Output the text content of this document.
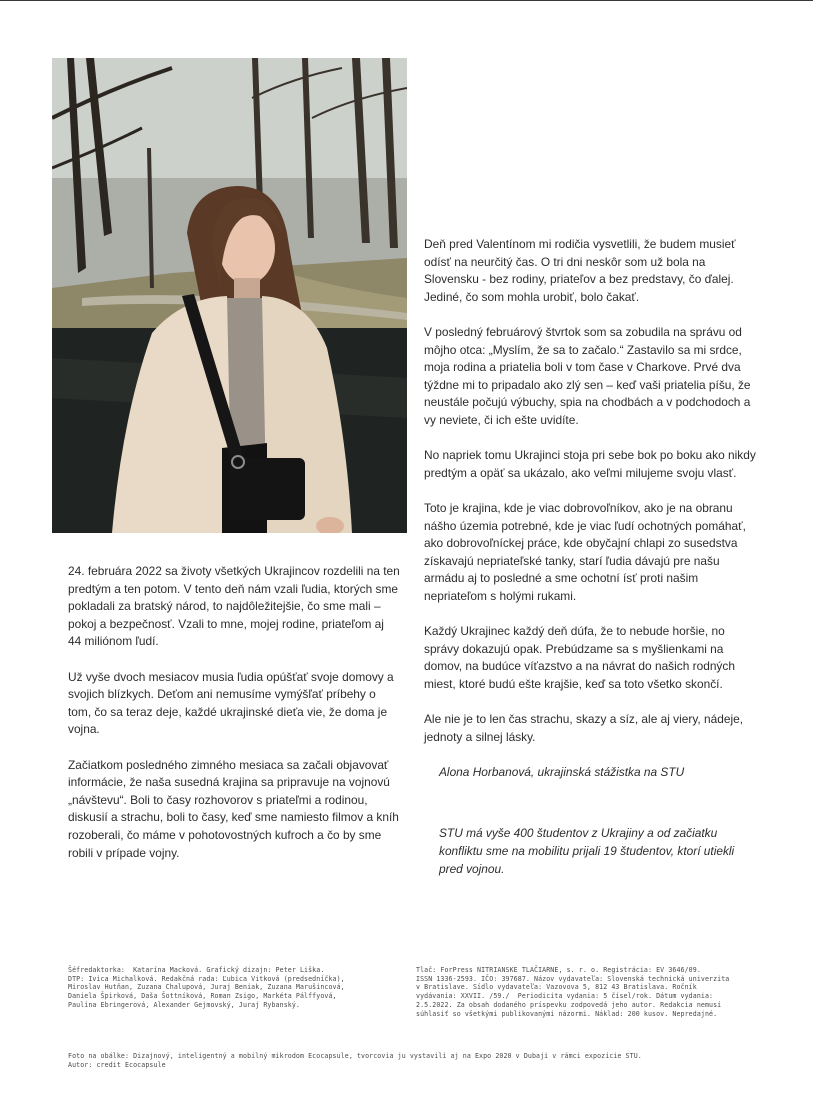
24. februára 2022 sa životy všetkých Ukrajincov rozdelili na ten predtým a ten potom. V tento deň nám vzali ľudia, ktorých sme pokladali za bratský národ, to najdôležitejšie, čo sme mali – pokoj a bezpečnosť. Vzali to mne, mojej rodine, priateľom aj 44 miliónom ľudí.

Už vyše dvoch mesiacov musia ľudia opúšťať svoje domovy a svojich blízkych. Deťom ani nemusíme vymýšľať príbehy o tom, čo sa teraz deje, každé ukrajinské dieťa vie, že doma je vojna.

Začiatkom posledného zimného mesiaca sa začali objavovať informácie, že naša susedná krajina sa pripravuje na vojnovú „návštevu“. Boli to časy rozhovorov s priateľmi a rodinou, diskusií a strachu, boli to časy, keď sme namiesto filmov a kníh rozoberali, čo máme v pohotovostných kufroch a čo by sme robili v prípade vojny.

Deň pred Valentínom mi rodičia vysvetlili, že budem musieť odísť na neurčitý čas. O tri dni neskôr som už bola na Slovensku - bez rodiny, priateľov a bez predstavy, čo ďalej. Jediné, čo som mohla urobiť, bolo čakať.

V posledný februárový štvrtok som sa zobudila na správu od môjho otca: „Myslím, že sa to začalo.“ Zastavilo sa mi srdce, moja rodina a priatelia boli v tom čase v Charkove. Prvé dva týždne mi to pripadalo ako zlý sen – keď vaši priatelia píšu, že neustále počujú výbuchy, spia na chodbách a v podchodoch a vy neviete, či ich ešte uvidíte.

No napriek tomu Ukrajinci stoja pri sebe bok po boku ako nikdy predtým a opäť sa ukázalo, ako veľmi milujeme svoju vlasť.

Toto je krajina, kde je viac dobrovoľníkov, ako je na obranu nášho územia potrebné, kde je viac ľudí ochotných pomáhať, ako dobrovoľníckej práce, kde obyčajní chlapi zo susedstva získavajú nepriateľské tanky, starí ľudia dávajú pre našu armádu aj to posledné a sme ochotní ísť proti našim nepriateľom s holými rukami.

Každý Ukrajinec každý deň dúfa, že to nebude horšie, no správy dokazujú opak. Prebúdzame sa s myšlienkami na domov, na budúce víťazstvo a na návrat do našich rodných miest, ktoré budú ešte krajšie, keď sa toto všetko skončí.

Ale nie je to len čas strachu, skazy a síz, ale aj viery, nádeje, jednoty a silnej lásky.

Alona Horbanová, ukrajinská stážistka na STU

STU má vyše 400 študentov z Ukrajiny a od začiatku konfliktu sme na mobilitu prijali 19 študentov, ktorí utiekli pred vojnou.

Šéfredaktorka:  Katarína Macková. Grafický dizajn: Peter Liška.
DTP: Ivica Michalková. Redakčná rada: Ľubica Vitková (predsedníčka),
Miroslav Hutňan, Zuzana Chalupová, Juraj Beniak, Zuzana Marušincová,
Daniela Špirková, Daša Šottníková, Roman Zsigo, Markéta Pálffyová,
Paulína Ebringerová, Alexander Gejmovský, Juraj Rybanský.
Tlač: ForPress NITRIANSKE TLAČIARNE, s. r. o. Registrácia: EV 3646/09.
ISSN 1336-2593. IČO: 397687. Názov vydavateľa: Slovenská technická univerzita
v Bratislave. Sídlo vydavateľa: Vazovova 5, 812 43 Bratislava. Ročník
vydávania: XXVII. /59./  Periodicita vydania: 5 čísel/rok. Dátum vydania:
2.5.2022. Za obsah dodaného príspevku zodpovedá jeho autor. Redakcia nemusí
súhlasiť so všetkými publikovanými názormi. Náklad: 200 kusov. Nepredajné.
Foto na obálke: Dizajnový, inteligentný a mobilný mikrodom Ecocapsule, tvorcovia ju vystavili aj na Expo 2020 v Dubaji v rámci expozície STU.
Autor: credit Ecocapsule
